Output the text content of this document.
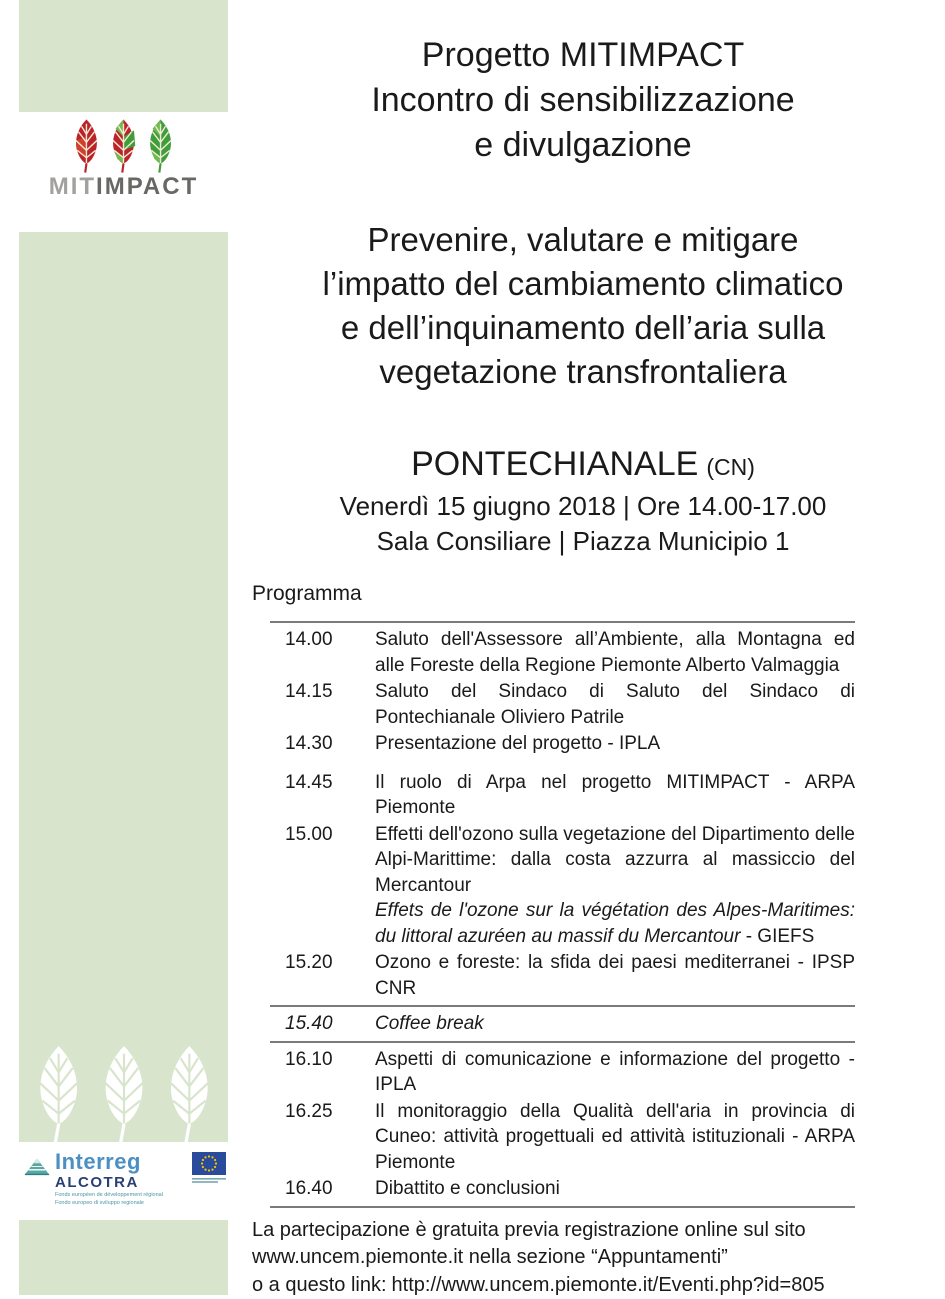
MITIMPACT
Interreg
ALCOTRA
Fonds européen de développement régional
Fondo europeo di sviluppo regionale
Progetto MITIMPACT
Incontro di sensibilizzazione
e divulgazione
Prevenire, valutare e mitigare
l’impatto del cambiamento climatico
e dell’inquinamento dell’aria sulla
vegetazione transfrontaliera
PONTECHIANALE (CN)
Venerdì 15 giugno 2018 | Ore 14.00-17.00
Sala Consiliare | Piazza Municipio 1
Programma
14.00	Saluto dell'Assessore all’Ambiente, alla Montagna ed alle Foreste della Regione Piemonte Alberto Valmaggia
14.15	Saluto del Sindaco di Saluto del Sindaco di Pontechianale Oliviero Patrile
14.30	Presentazione del progetto - IPLA
14.45	Il ruolo di Arpa nel progetto MITIMPACT - ARPA Piemonte
15.00	Effetti dell'ozono sulla vegetazione del Dipartimento delle Alpi-Marittime: dalla costa azzurra al massiccio del Mercantour
Effets de l'ozone sur la végétation des Alpes-Maritimes: du littoral azuréen au massif du Mercantour - GIEFS
15.20	Ozono e foreste: la sfida dei paesi mediterranei - IPSP CNR
15.40	Coffee break
16.10	Aspetti di comunicazione e informazione del progetto - IPLA
16.25	Il monitoraggio della Qualità dell'aria in provincia di Cuneo: attività progettuali ed attività istituzionali - ARPA Piemonte
16.40	Dibattito e conclusioni
La partecipazione è gratuita previa registrazione online sul sito
www.uncem.piemonte.it nella sezione “Appuntamenti”
o a questo link: http://www.uncem.piemonte.it/Eventi.php?id=805
